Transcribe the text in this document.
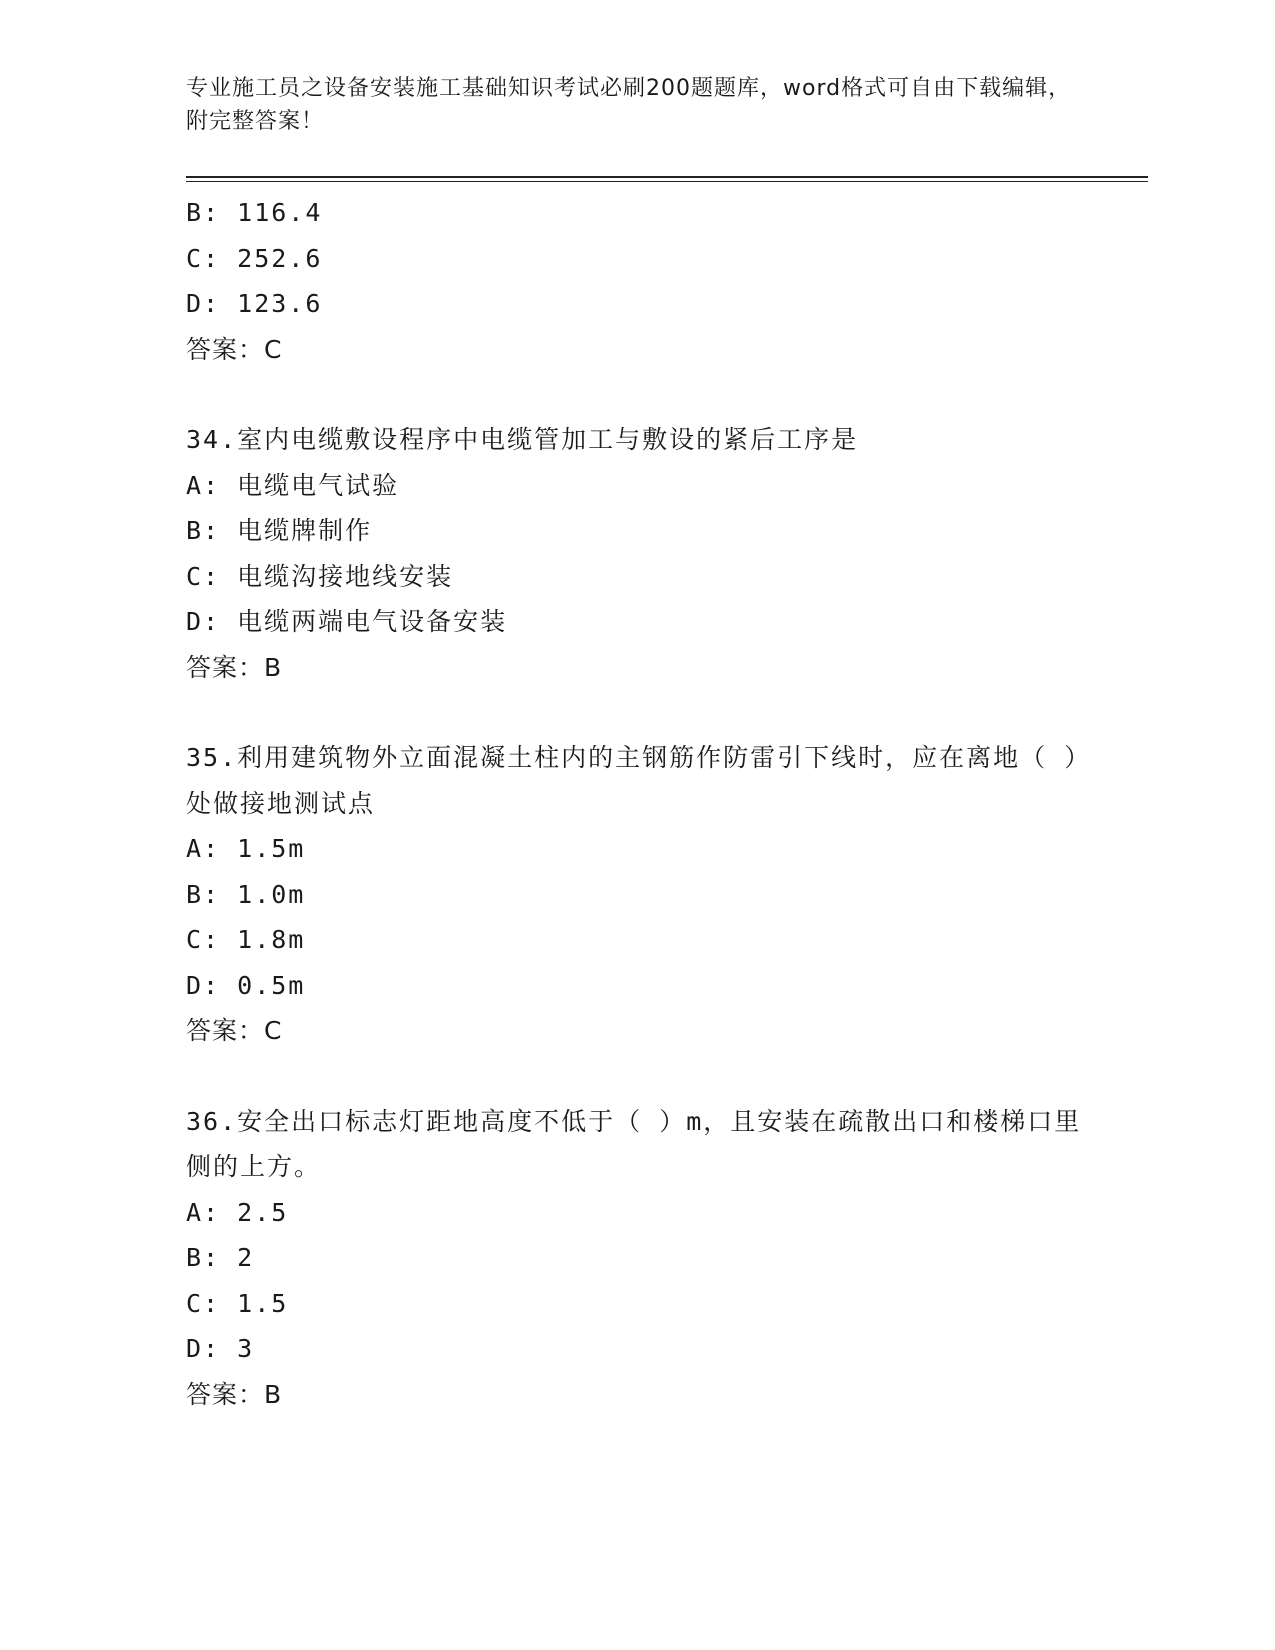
专业施工员之设备安装施工基础知识考试必刷200题题库，word格式可自由下载编辑，附完整答案！
B: 116.4
C: 252.6
D: 123.6
答案：C
34.室内电缆敷设程序中电缆管加工与敷设的紧后工序是
A: 电缆电气试验
B: 电缆牌制作
C: 电缆沟接地线安装
D: 电缆两端电气设备安装
答案：B
35.利用建筑物外立面混凝土柱内的主钢筋作防雷引下线时，应在离地（ ）处做接地测试点
A: 1.5m
B: 1.0m
C: 1.8m
D: 0.5m
答案：C
36.安全出口标志灯距地高度不低于（ ）m，且安装在疏散出口和楼梯口里侧的上方。
A: 2.5
B: 2
C: 1.5
D: 3
答案：B
